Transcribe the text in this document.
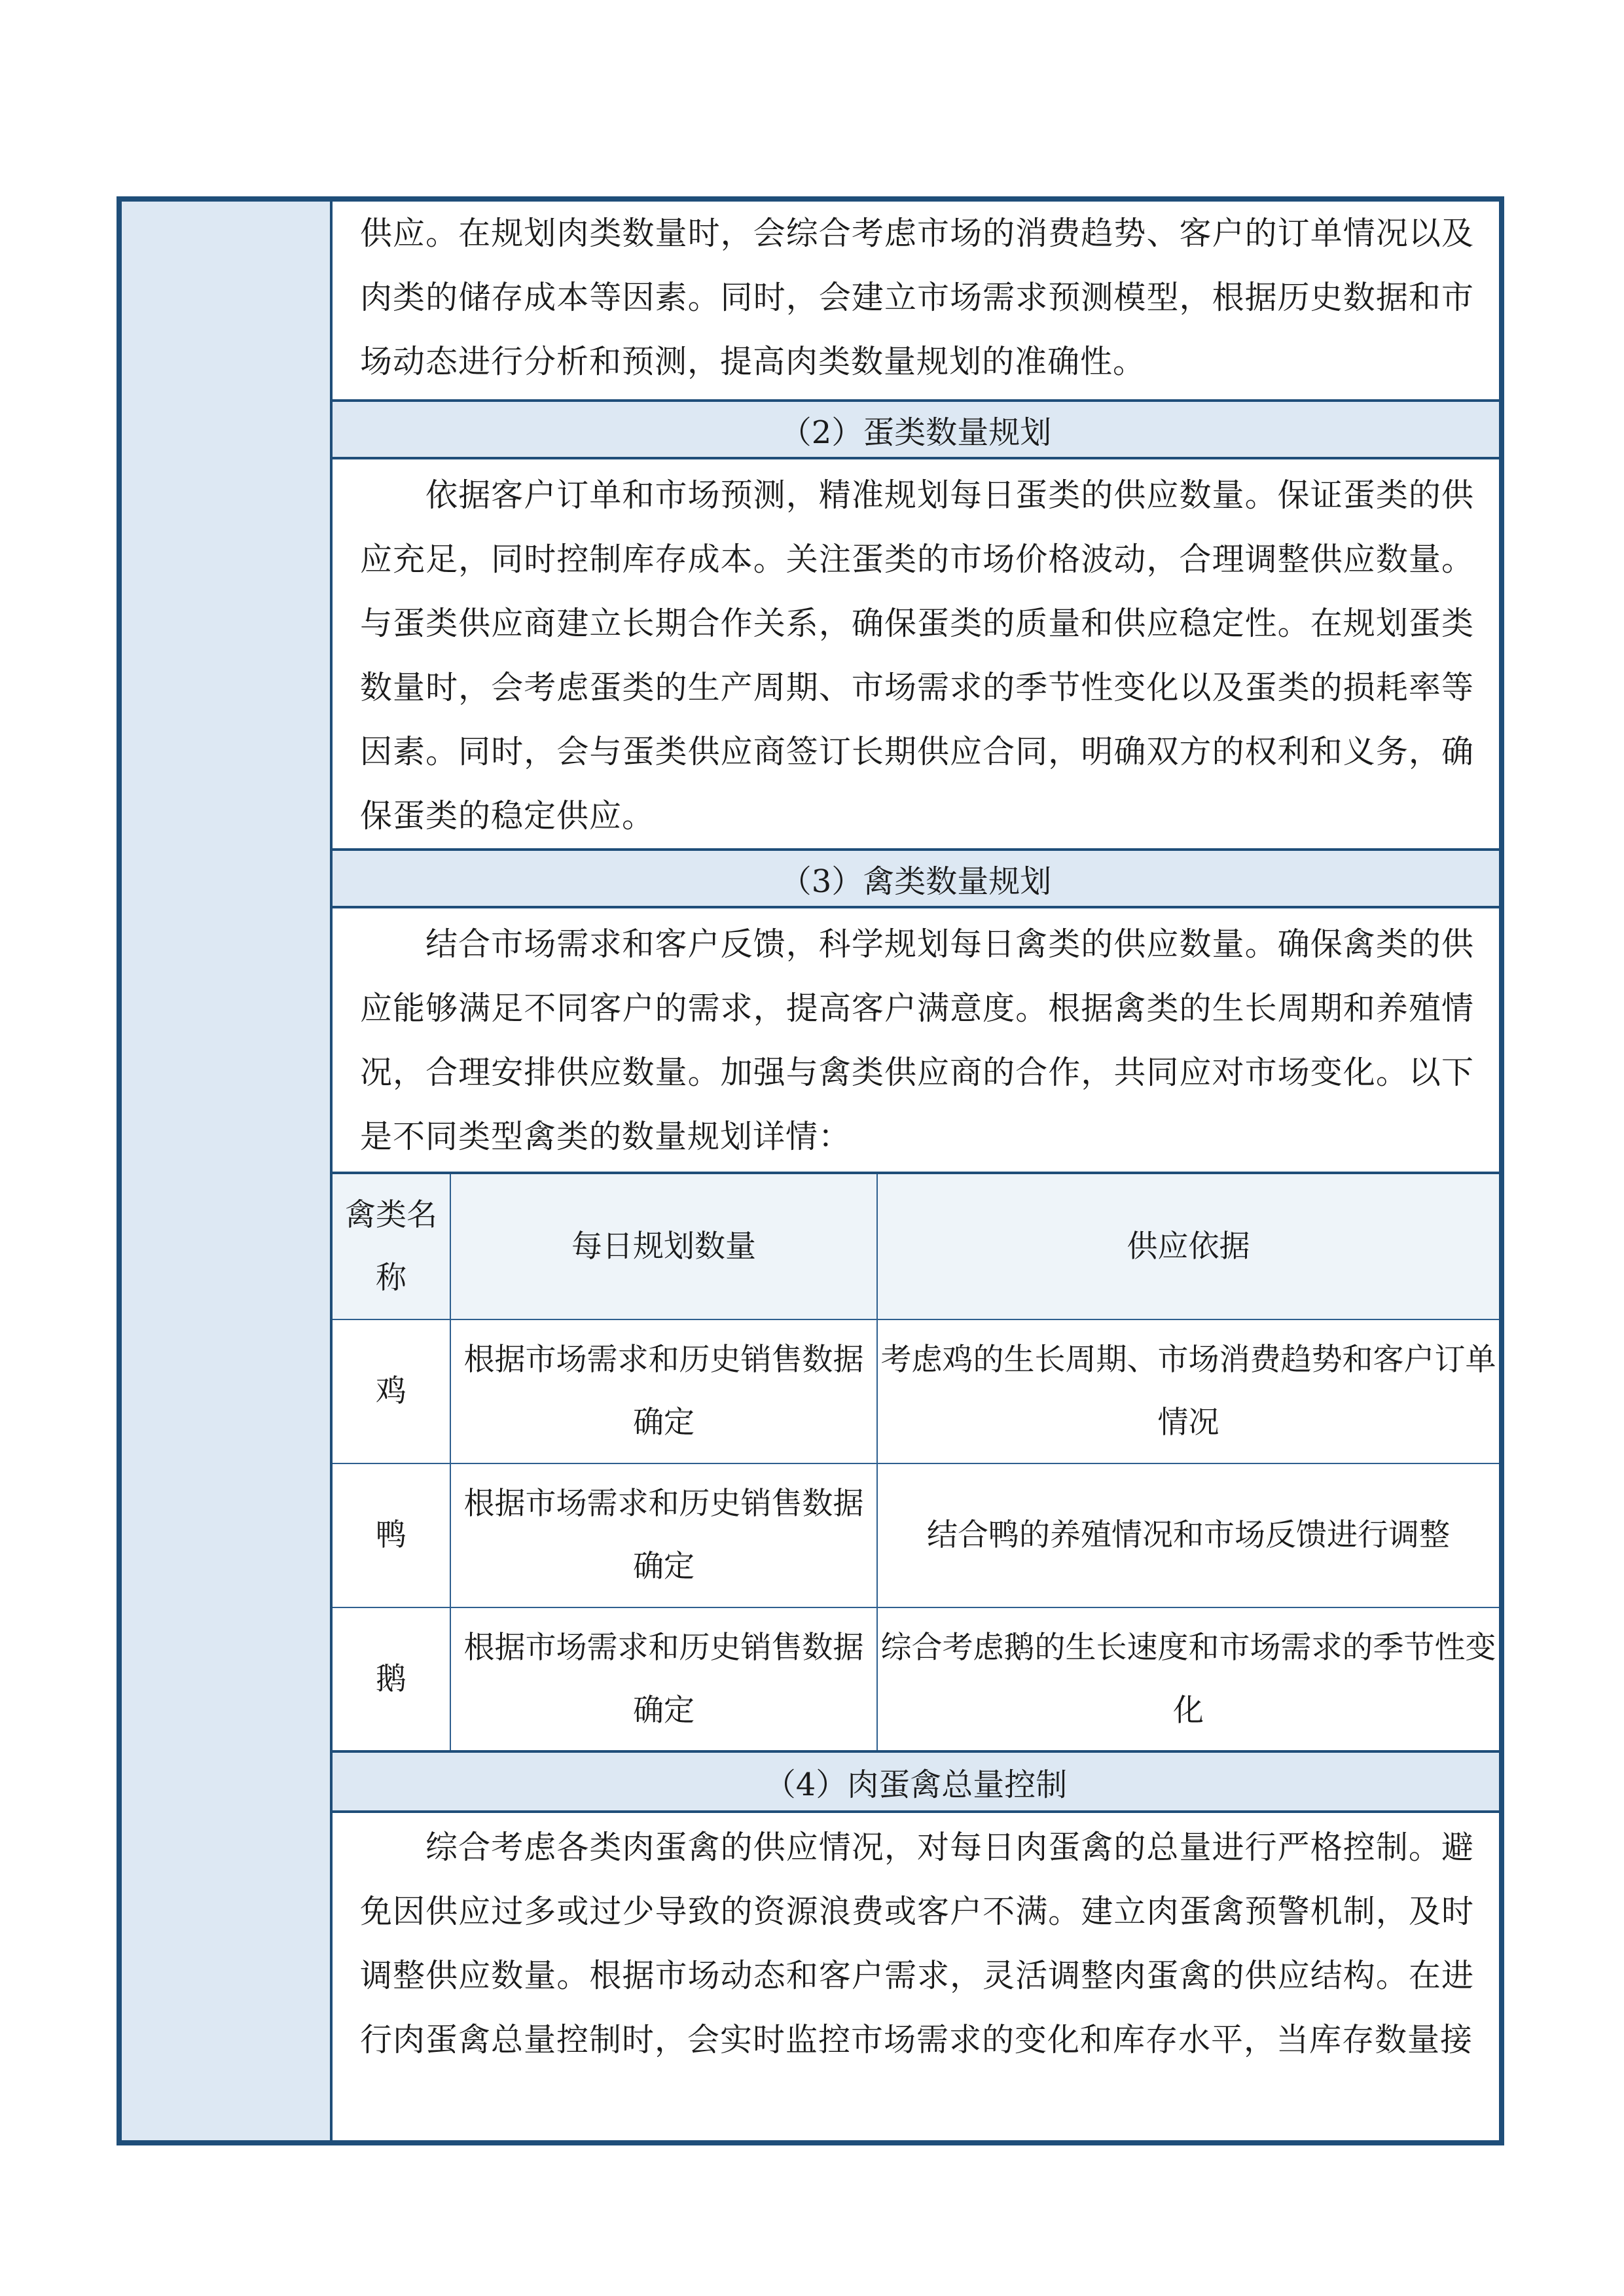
供应。在规划肉类数量时，会综合考虑市场的消费趋势、客户的订单情况以及肉类的储存成本等因素。同时，会建立市场需求预测模型，根据历史数据和市场动态进行分析和预测，提高肉类数量规划的准确性。
（2）蛋类数量规划
依据客户订单和市场预测，精准规划每日蛋类的供应数量。保证蛋类的供应充足，同时控制库存成本。关注蛋类的市场价格波动，合理调整供应数量。与蛋类供应商建立长期合作关系，确保蛋类的质量和供应稳定性。在规划蛋类数量时，会考虑蛋类的生产周期、市场需求的季节性变化以及蛋类的损耗率等因素。同时，会与蛋类供应商签订长期供应合同，明确双方的权利和义务，确保蛋类的稳定供应。
（3）禽类数量规划
结合市场需求和客户反馈，科学规划每日禽类的供应数量。确保禽类的供应能够满足不同客户的需求，提高客户满意度。根据禽类的生长周期和养殖情况，合理安排供应数量。加强与禽类供应商的合作，共同应对市场变化。以下是不同类型禽类的数量规划详情：
禽类名称	每日规划数量	供应依据
鸡	根据市场需求和历史销售数据确定	考虑鸡的生长周期、市场消费趋势和客户订单情况
鸭	根据市场需求和历史销售数据确定	结合鸭的养殖情况和市场反馈进行调整
鹅	根据市场需求和历史销售数据确定	综合考虑鹅的生长速度和市场需求的季节性变化
（4）肉蛋禽总量控制
综合考虑各类肉蛋禽的供应情况，对每日肉蛋禽的总量进行严格控制。避免因供应过多或过少导致的资源浪费或客户不满。建立肉蛋禽预警机制，及时调整供应数量。根据市场动态和客户需求，灵活调整肉蛋禽的供应结构。在进行肉蛋禽总量控制时，会实时监控市场需求的变化和库存水平，当库存数量接
